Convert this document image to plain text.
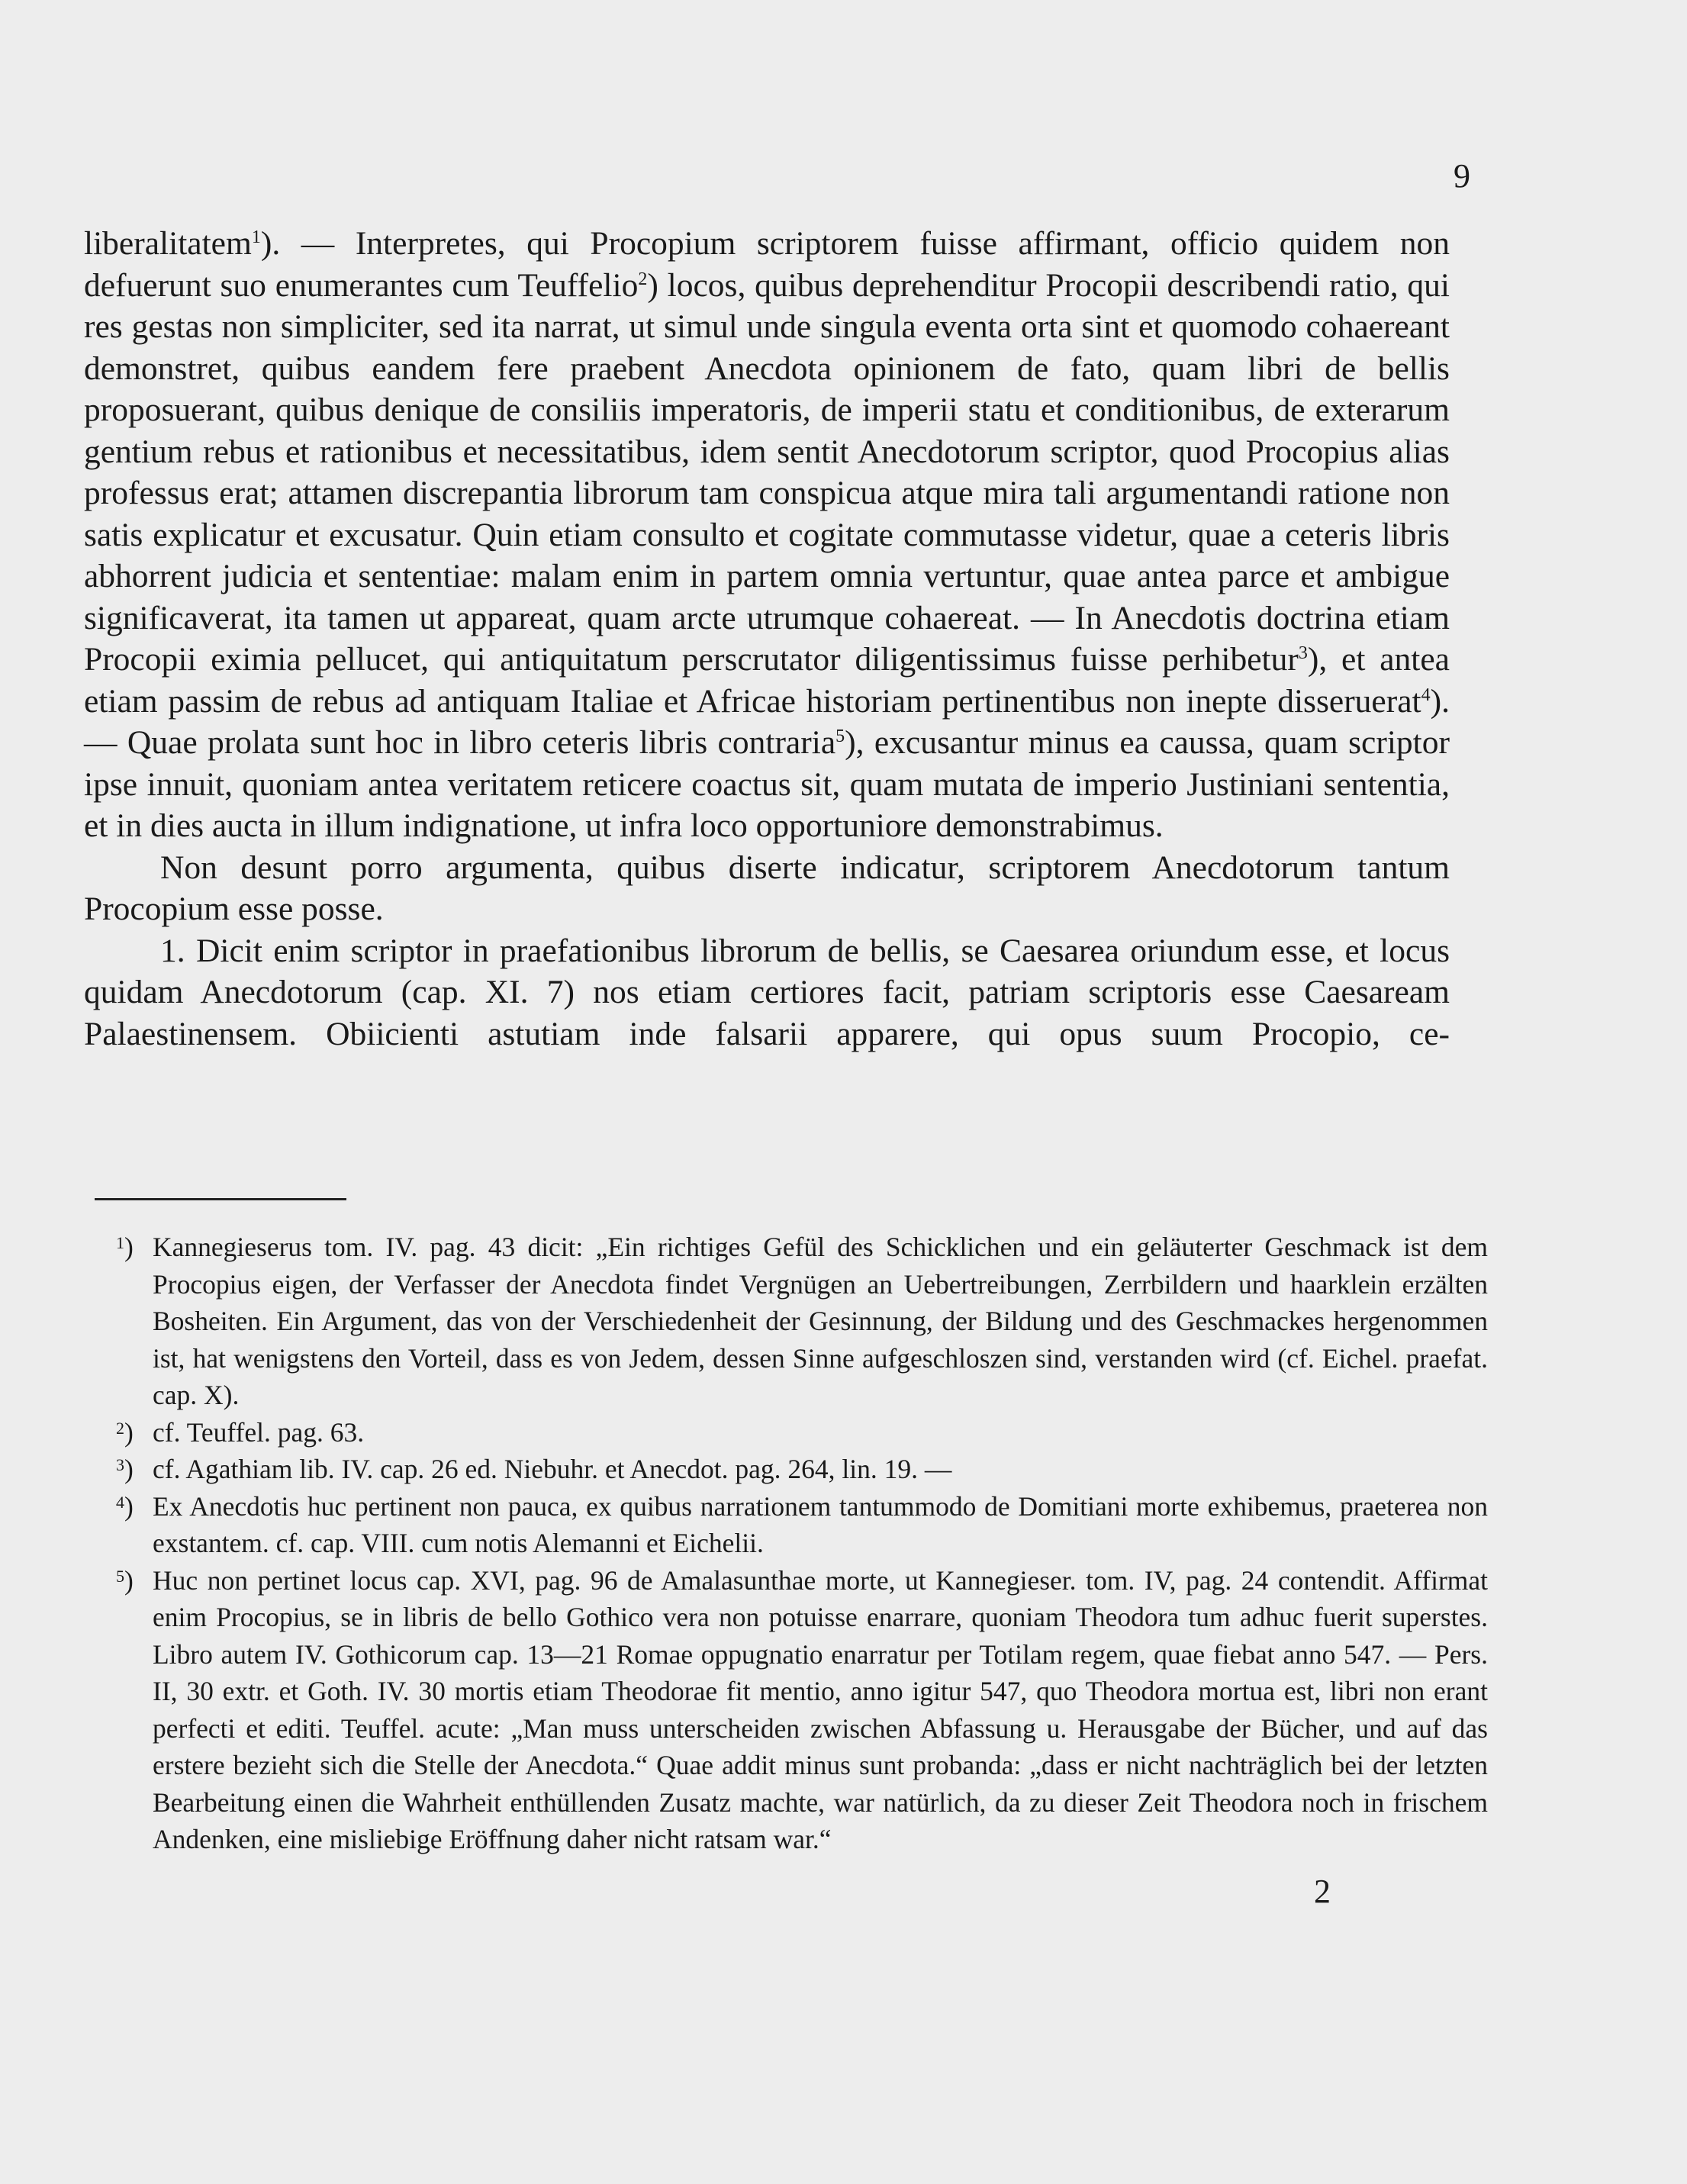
9

liberalitatem$^1$). — Interpretes, qui Procopium scriptorem fuisse affirmant, officio quidem non defuerunt suo enumerantes cum Teuffelio$^2$) locos, quibus deprehenditur Procopii describendi ratio, qui res gestas non simpliciter, sed ita narrat, ut simul unde singula eventa orta sint et quomodo cohaereant demonstret, quibus eandem fere praebent Anecdota opinionem de fato, quam libri de bellis proposuerant, quibus denique de consiliis imperatoris, de imperii statu et conditionibus, de exterarum gentium rebus et rationibus et necessitatibus, idem sentit Anecdotorum scriptor, quod Procopius alias professus erat; attamen discrepantia librorum tam conspicua atque mira tali argumentandi ratione non satis explicatur et excusatur. Quin etiam consulto et cogitate commutasse videtur, quae a ceteris libris abhorrent judicia et sententiae: malam enim in partem omnia vertuntur, quae antea parce et ambigue significaverat, ita tamen ut appareat, quam arcte utrumque cohaereat. — In Anecdotis doctrina etiam Procopii eximia pellucet, qui antiquitatum perscrutator diligentissimus fuisse perhibetur$^3$), et antea etiam passim de rebus ad antiquam Italiae et Africae historiam pertinentibus non inepte disseruerat$^4$). — Quae prolata sunt hoc in libro ceteris libris contraria$^5$), excusantur minus ea caussa, quam scriptor ipse innuit, quoniam antea veritatem reticere coactus sit, quam mutata de imperio Justiniani sententia, et in dies aucta in illum indignatione, ut infra loco opportuniore demonstrabimus.

Non desunt porro argumenta, quibus diserte indicatur, scriptorem Anecdotorum tantum Procopium esse posse.

1. Dicit enim scriptor in praefationibus librorum de bellis, se Caesarea oriundum esse, et locus quidam Anecdotorum (cap. XI. 7) nos etiam certiores facit, patriam scriptoris esse Caesaream Palaestinensem. Obiicienti astutiam inde falsarii apparere, qui opus suum Procopio, ce-

$^1$) Kannegieserus tom. IV. pag. 43 dicit: „Ein richtiges Gefül des Schicklichen und ein geläuterter Geschmack ist dem Procopius eigen, der Verfasser der Anecdota findet Vergnügen an Uebertreibungen, Zerrbildern und haarklein erzälten Bosheiten. Ein Argument, das von der Verschiedenheit der Gesinnung, der Bildung und des Geschmackes hergenommen ist, hat wenigstens den Vorteil, dass es von Jedem, dessen Sinne aufgeschloszen sind, verstanden wird (cf. Eichel. praefat. cap. X).
$^2$) cf. Teuffel. pag. 63.
$^3$) cf. Agathiam lib. IV. cap. 26 ed. Niebuhr. et Anecdot. pag. 264, lin. 19. —
$^4$) Ex Anecdotis huc pertinent non pauca, ex quibus narrationem tantummodo de Domitiani morte exhibemus, praeterea non exstantem. cf. cap. VIII. cum notis Alemanni et Eichelii.
$^5$) Huc non pertinet locus cap. XVI, pag. 96 de Amalasunthae morte, ut Kannegieser. tom. IV, pag. 24 contendit. Affirmat enim Procopius, se in libris de bello Gothico vera non potuisse enarrare, quoniam Theodora tum adhuc fuerit superstes. Libro autem IV. Gothicorum cap. 13—21 Romae oppugnatio enarratur per Totilam regem, quae fiebat anno 547. — Pers. II, 30 extr. et Goth. IV. 30 mortis etiam Theodorae fit mentio, anno igitur 547, quo Theodora mortua est, libri non erant perfecti et editi. Teuffel. acute: „Man muss unterscheiden zwischen Abfassung u. Herausgabe der Bücher, und auf das erstere bezieht sich die Stelle der Anecdota.“ Quae addit minus sunt probanda: „dass er nicht nachträglich bei der letzten Bearbeitung einen die Wahrheit enthüllenden Zusatz machte, war natürlich, da zu dieser Zeit Theodora noch in frischem Andenken, eine misliebige Eröffnung daher nicht ratsam war.“
2
